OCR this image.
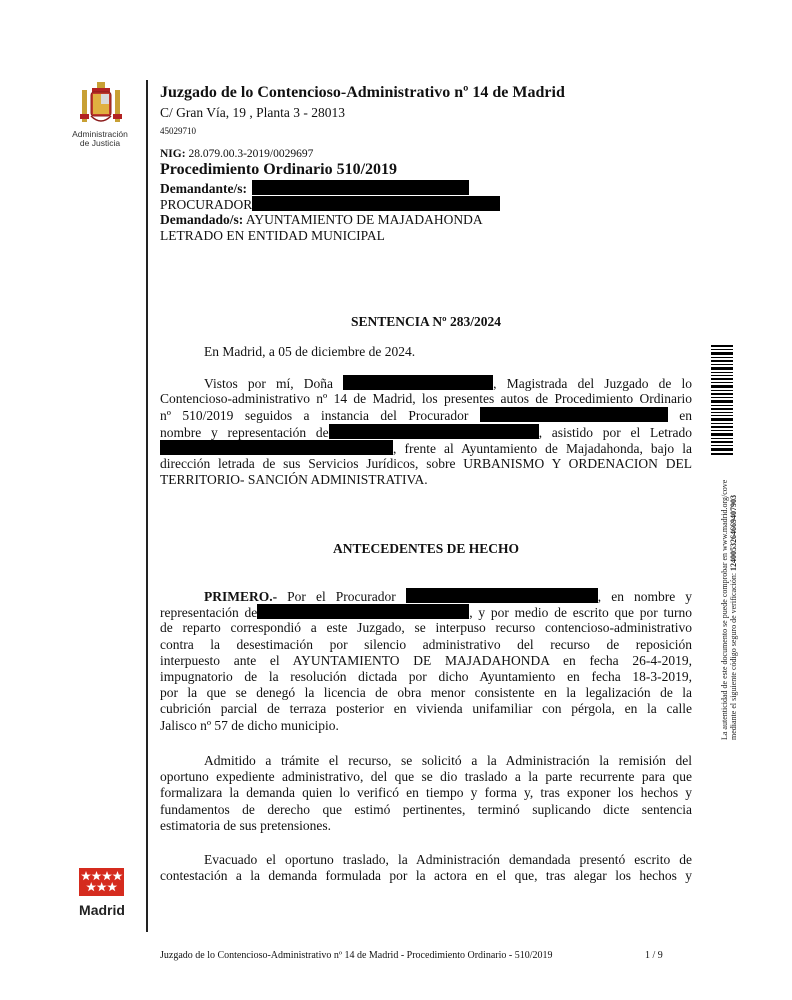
Administración
de Justicia
Juzgado de lo Contencioso-Administrativo nº 14 de Madrid
C/ Gran Vía, 19 , Planta 3 - 28013
45029710
NIG: 28.079.00.3-2019/0029697
Procedimiento Ordinario 510/2019
Demandante/s:
PROCURADOR
Demandado/s: AYUNTAMIENTO DE MAJADAHONDA
LETRADO EN ENTIDAD MUNICIPAL
SENTENCIA Nº 283/2024
En Madrid, a 05 de diciembre de 2024.
Vistos por mí, Doña	, Magistrada del Juzgado de lo
Contencioso-administrativo nº 14 de Madrid, los presentes autos de Procedimiento Ordinario
nº 510/2019 seguidos a instancia del Procurador	en
nombre y representación de	, asistido por el Letrado
, frente al Ayuntamiento de Majadahonda, bajo la
dirección letrada de sus Servicios Jurídicos, sobre URBANISMO Y ORDENACION DEL
TERRITORIO- SANCIÓN ADMINISTRATIVA.
ANTECEDENTES DE HECHO
PRIMERO.- Por el Procurador	, en nombre y
representación de	, y por medio de escrito que por turno
de reparto correspondió a este Juzgado, se interpuso recurso contencioso-administrativo
contra la desestimación por silencio administrativo del recurso de reposición
interpuesto ante el AYUNTAMIENTO DE MAJADAHONDA en fecha 26-4-2019,
impugnatorio de la resolución dictada por dicho Ayuntamiento en fecha 18-3-2019,
por la que se denegó la licencia de obra menor consistente en la legalización de la
cubrición parcial de terraza posterior en vivienda unifamiliar con pérgola, en la calle
Jalisco nº 57 de dicho municipio.
Admitido a trámite el recurso, se solicitó a la Administración la remisión del
oportuno expediente administrativo, del que se dio traslado a la parte recurrente para que
formalizara la demanda quien lo verificó en tiempo y forma y, tras exponer los hechos y
fundamentos de derecho que estimó pertinentes, terminó suplicando dicte sentencia
estimatoria de sus pretensiones.
Evacuado el oportuno traslado, la Administración demandada presentó escrito de
contestación a la demanda formulada por la actora en el que, tras alegar los hechos y
Madrid
La autenticidad de este documento se puede comprobar en www.madrid.org/cove mediante el siguiente código seguro de verificación: 1240053264669407903
Juzgado de lo Contencioso-Administrativo nº 14 de Madrid - Procedimiento Ordinario - 510/2019	1 / 9
